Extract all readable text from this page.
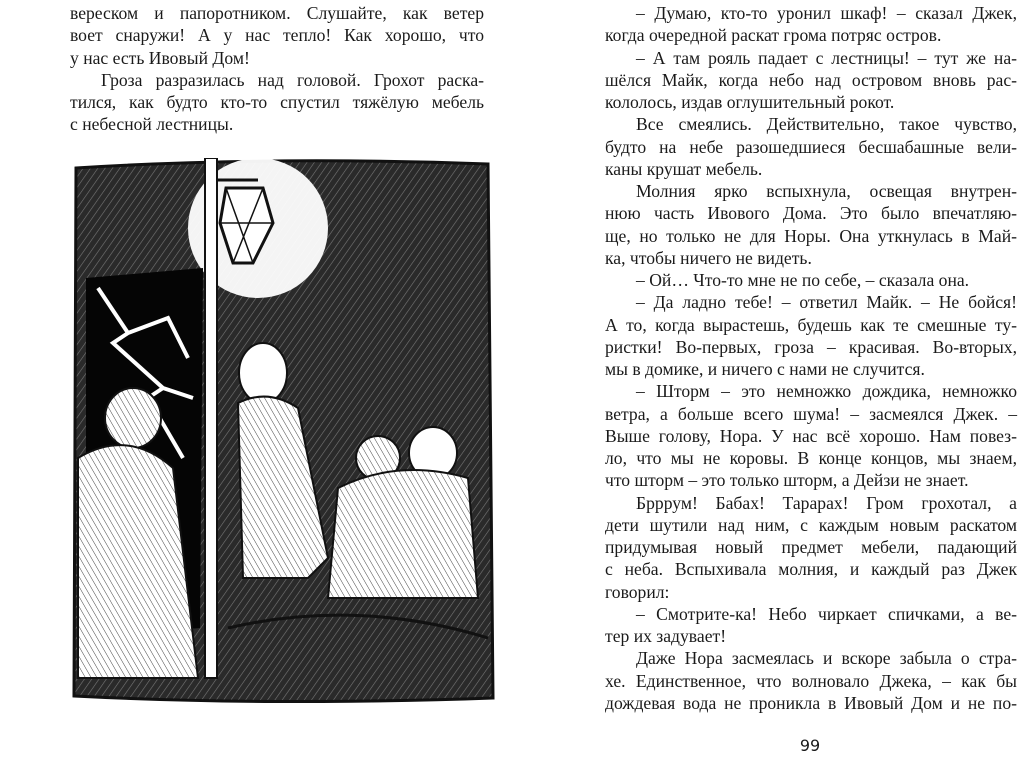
вереском и папоротником. Слушайте, как ветер
воет снаружи! А у нас тепло! Как хорошо, что
у нас есть Ивовый Дом!
Гроза разразилась над головой. Грохот раска-
тился, как будто кто-то спустил тяжёлую мебель
с небесной лестницы.
– Думаю, кто-то уронил шкаф! – сказал Джек,
когда очередной раскат грома потряс остров.
– А там рояль падает с лестницы! – тут же на-
шёлся Майк, когда небо над островом вновь рас-
кололось, издав оглушительный рокот.
Все смеялись. Действительно, такое чувство,
будто на небе разошедшиеся бесшабашные вели-
каны крушат мебель.
Молния ярко вспыхнула, освещая внутрен-
нюю часть Ивового Дома. Это было впечатляю-
ще, но только не для Норы. Она уткнулась в Май-
ка, чтобы ничего не видеть.
– Ой… Что-то мне не по себе, – сказала она.
– Да ладно тебе! – ответил Майк. – Не бойся!
А то, когда вырастешь, будешь как те смешные ту-
ристки! Во-первых, гроза – красивая. Во-вторых,
мы в домике, и ничего с нами не случится.
– Шторм – это немножко дождика, немножко
ветра, а больше всего шума! – засмеялся Джек. –
Выше голову, Нора. У нас всё хорошо. Нам повез-
ло, что мы не коровы. В конце концов, мы знаем,
что шторм – это только шторм, а Дейзи не знает.
Брррум! Бабах! Тарарах! Гром грохотал, а
дети шутили над ним, с каждым новым раскатом
придумывая новый предмет мебели, падающий
с неба. Вспыхивала молния, и каждый раз Джек
говорил:
– Смотрите-ка! Небо чиркает спичками, а ве-
тер их задувает!
Даже Нора засмеялась и вскоре забыла о стра-
хе. Единственное, что волновало Джека, – как бы
дождевая вода не проникла в Ивовый Дом и не по-
99
